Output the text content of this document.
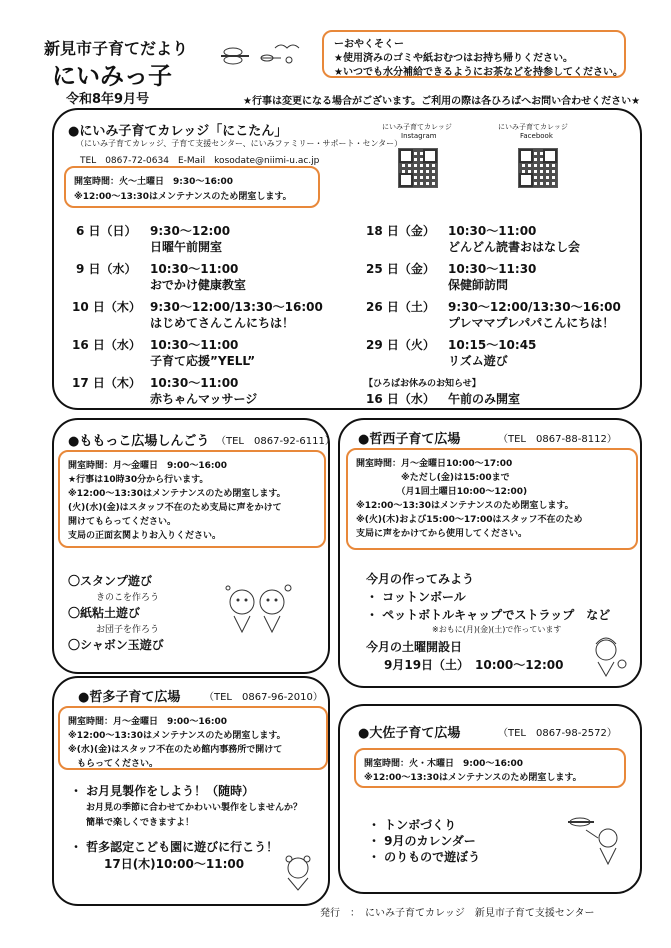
新見市子育てだより
にいみっ子
令和8年9月号
ーおやくそくー
★使用済みのゴミや紙おむつはお持ち帰りください。
★いつでも水分補給できるようにお茶などを持参してください。
★行事は変更になる場合がございます。ご利用の際は各ひろばへお問い合わせください★
●にいみ子育てカレッジ「にこたん」
（にいみ子育てカレッジ、子育て支援センター、にいみファミリー・サポート・センター）
TEL　0867-72-0634　E-Mail　kosodate@niimi-u.ac.jp
にいみ子育てカレッジ
Instagram
にいみ子育てカレッジ
Facebook
開室時間：火～土曜日　9:30～16:00
※12:00～13:30はメンテナンスのため閉室します。
6 日（日） 9:30～12:00
日曜午前開室
9 日（水） 10:30～11:00
おでかけ健康教室
10 日（木） 9:30～12:00/13:30～16:00
はじめてさんこんにちは！
16 日（水） 10:30～11:00
子育て応援”YELL”
17 日（木） 10:30～11:00
赤ちゃんマッサージ
18 日（金） 10:30～11:00
どんどん読書おはなし会
25 日（金） 10:30～11:30
保健師訪問
26 日（土） 9:30～12:00/13:30～16:00
プレママプレパパこんにちは！
29 日（火） 10:15～10:45
リズム遊び
【ひろばお休みのお知らせ】
16 日（水） 午前のみ開室
●ももっこ広場しんごう （TEL　0867-92-6111）
開室時間：月～金曜日　9:00～16:00
★行事は10時30分から行います。
※12:00～13:30はメンテナンスのため閉室します。
(火)(水)(金)はスタッフ不在のため支局に声をかけて
開けてもらってください。
支局の正面玄関よりお入りください。
〇スタンプ遊び
きのこを作ろう
〇紙粘土遊び
お団子を作ろう
〇シャボン玉遊び
●哲西子育て広場	（TEL　0867-88-8112）
開室時間：月～金曜日10:00～17:00
　　　　　※ただし(金)は15:00まで
　　　　　（月1回土曜日10:00～12:00)
※12:00～13:30はメンテナンスのため閉室します。
※(火)(木)および15:00～17:00はスタッフ不在のため
支局に声をかけてから使用してください。
今月の作ってみよう
・ コットンボール
・ ペットボトルキャップでストラップ　など
※おもに(月)(金)(土)で作っています
今月の土曜開設日
9月19日（土）　10:00～12:00
●哲多子育て広場 （TEL　0867-96-2010）
開室時間：月～金曜日　9:00～16:00
※12:00～13:30はメンテナンスのため閉室します。
※(水)(金)はスタッフ不在のため館内事務所で開けて
　もらってください。
・ お月見製作をしよう！（随時）
お月見の季節に合わせてかわいい製作をしませんか？
簡単で楽しくできますよ！
・ 哲多認定こども園に遊びに行こう！
17日(木)10:00～11:00
●大佐子育て広場	（TEL　0867-98-2572）
開室時間：火・木曜日　9:00～16:00
※12:00～13:30はメンテナンスのため閉室します。
・ トンボづくり
・ 9月のカレンダー
・ のりもので遊ぼう
発行　：　にいみ子育てカレッジ　新見市子育て支援センター
